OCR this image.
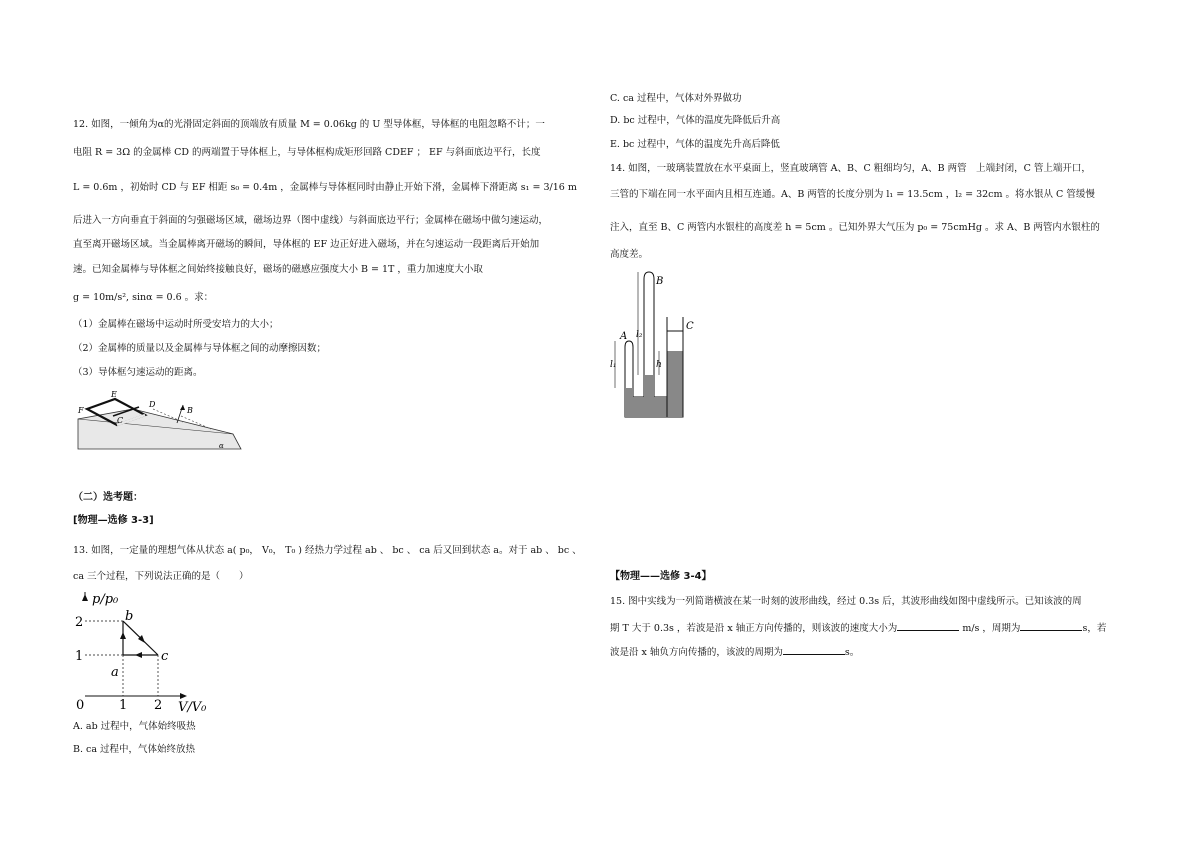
12. 如图，一倾角为α的光滑固定斜面的顶端放有质量 M = 0.06kg 的 U 型导体框，导体框的电阻忽略不计；一

电阻 R = 3Ω 的金属棒 CD 的两端置于导体框上，与导体框构成矩形回路 CDEF ； EF 与斜面底边平行，长度

L = 0.6m ，初始时 CD 与 EF 相距 s₀ = 0.4m ，金属棒与导体框同时由静止开始下滑，金属棒下滑距离 s₁ = 3/16 m

后进入一方向垂直于斜面的匀强磁场区域，磁场边界（图中虚线）与斜面底边平行；金属棒在磁场中做匀速运动，

直至离开磁场区域。当金属棒离开磁场的瞬间，导体框的 EF 边正好进入磁场，并在匀速运动一段距离后开始加

速。已知金属棒与导体框之间始终接触良好，磁场的磁感应强度大小 B = 1T ，重力加速度大小取

g = 10m/s², sinα = 0.6 。求：

（1）金属棒在磁场中运动时所受安培力的大小；

（2）金属棒的质量以及金属棒与导体框之间的动摩擦因数；

（3）导体框匀速运动的距离。

E
D
F
C
B
α

（二）选考题：

[物理—选修 3-3]

13. 如图，一定量的理想气体从状态 a( p₀， V₀， T₀ ) 经热力学过程 ab 、 bc 、 ca 后又回到状态 a。对于 ab 、 bc 、

ca 三个过程，下列说法正确的是（　　）

p/p₀
V/V₀
0	1 2
1
2
a
b
c

A. ab 过程中，气体始终吸热

B. ca 过程中，气体始终放热

C. ca 过程中，气体对外界做功

D. bc 过程中，气体的温度先降低后升高

E. bc 过程中，气体的温度先升高后降低

14. 如图，一玻璃装置放在水平桌面上，竖直玻璃管 A、B、C 粗细均匀，A、B 两管　上端封闭，C 管上端开口，

三管的下端在同一水平面内且相互连通。A、B 两管的长度分别为 l₁ = 13.5cm ，l₂ = 32cm 。将水银从 C 管缓慢

注入，直至 B、C 两管内水银柱的高度差 h = 5cm 。已知外界大气压为 p₀ = 75cmHg 。求 A、B 两管内水银柱的

高度差。

A
B
C
l₁
l₂
h

【物理——选修 3-4】

15. 图中实线为一列简谐横波在某一时刻的波形曲线，经过 0.3s 后，其波形曲线如图中虚线所示。已知该波的周

期 T 大于 0.3s ，若波是沿 x 轴正方向传播的，则该波的速度大小为	m/s ，周期为	s，若

波是沿 x 轴负方向传播的，该波的周期为	s。
